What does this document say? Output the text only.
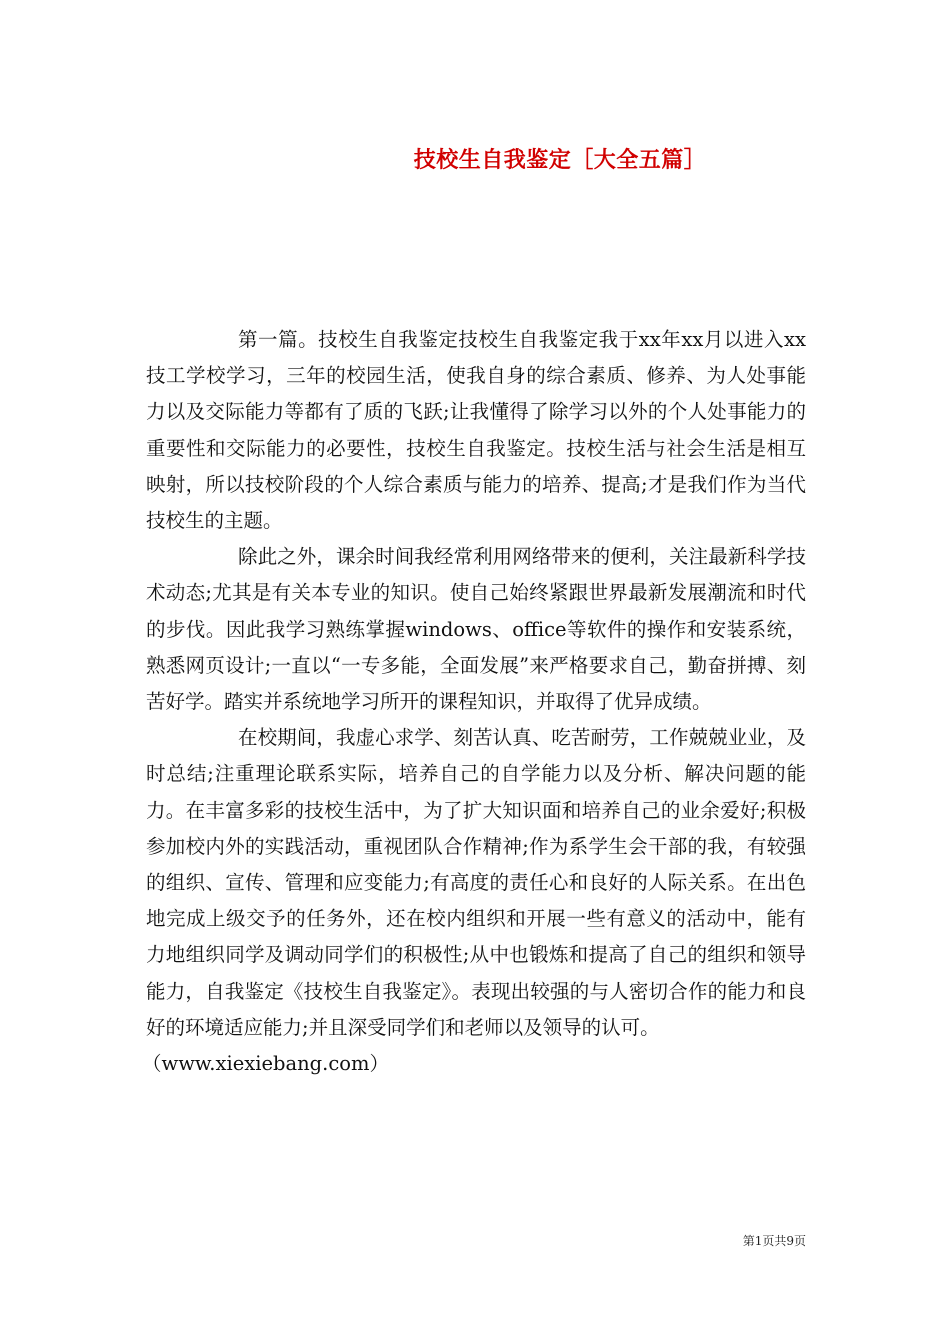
技校生自我鉴定［大全五篇］

第一篇。技校生自我鉴定技校生自我鉴定我于xx年xx月以进入xx技工学校学习，三年的校园生活，使我自身的综合素质、修养、为人处事能力以及交际能力等都有了质的飞跃;让我懂得了除学习以外的个人处事能力的重要性和交际能力的必要性，技校生自我鉴定。技校生活与社会生活是相互映射，所以技校阶段的个人综合素质与能力的培养、提高;才是我们作为当代技校生的主题。

除此之外，课余时间我经常利用网络带来的便利，关注最新科学技术动态;尤其是有关本专业的知识。使自己始终紧跟世界最新发展潮流和时代的步伐。因此我学习熟练掌握windows、office等软件的操作和安装系统，熟悉网页设计;一直以“一专多能，全面发展”来严格要求自己，勤奋拼搏、刻苦好学。踏实并系统地学习所开的课程知识，并取得了优异成绩。

在校期间，我虚心求学、刻苦认真、吃苦耐劳，工作兢兢业业，及时总结;注重理论联系实际，培养自己的自学能力以及分析、解决问题的能力。在丰富多彩的技校生活中，为了扩大知识面和培养自己的业余爱好;积极参加校内外的实践活动，重视团队合作精神;作为系学生会干部的我，有较强的组织、宣传、管理和应变能力;有高度的责任心和良好的人际关系。在出色地完成上级交予的任务外，还在校内组织和开展一些有意义的活动中，能有力地组织同学及调动同学们的积极性;从中也锻炼和提高了自己的组织和领导能力，自我鉴定《技校生自我鉴定》。表现出较强的与人密切合作的能力和良好的环境适应能力;并且深受同学们和老师以及领导的认可。

（www.xiexiebang.com）

第1页共9页
